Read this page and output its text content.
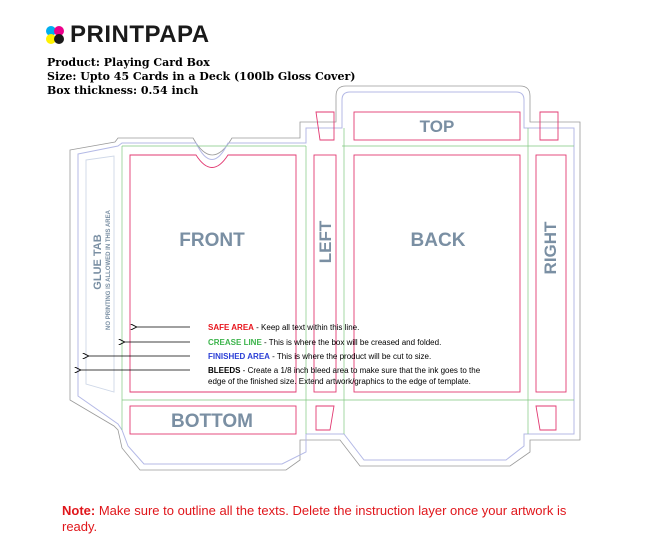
PRINTPAPA
Product: Playing Card Box
Size: Upto 45 Cards in a Deck (100lb Gloss Cover)
Box thickness: 0.54 inch
TOP
FRONT	BACK
LEFT	RIGHT
BOTTOM
GLUE TAB NO PRINTING IS ALLOWED IN THIS AREA	SAFE AREA - Keep all text within this line.
CREASE LINE - This is where the box will be creased and folded.
FINISHED AREA - This is where the product will be cut to size.
BLEEDS - Create a 1/8 inch bleed area to make sure that the ink goes to the
edge of the finished size. Extend artwork/graphics to the edge of template.
Note: Make sure to outline all the texts. Delete the instruction layer once your artwork is ready.
